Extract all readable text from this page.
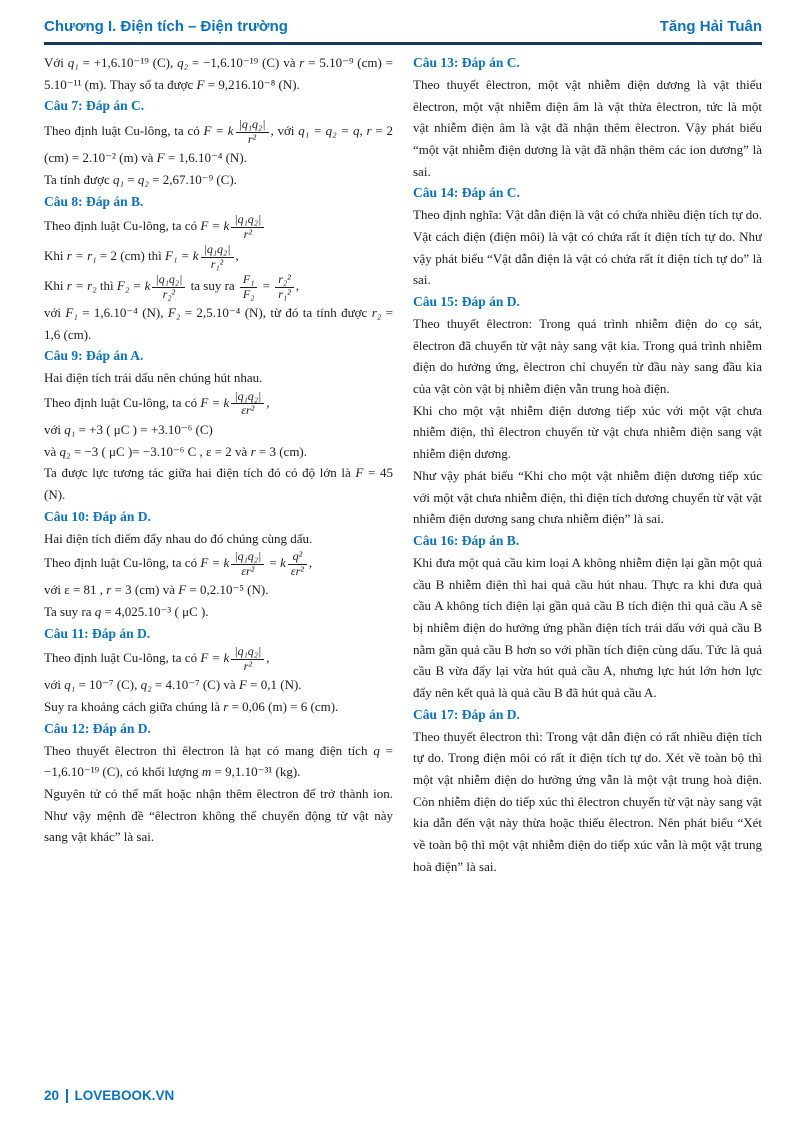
Chương I. Điện tích – Điện trường	Tăng Hải Tuân

Với q₁ = +1,6.10⁻¹⁹ (C), q₂ = −1,6.10⁻¹⁹ (C) và r = 5.10⁻⁹ (cm) = 5.10⁻¹¹ (m). Thay số ta được F = 9,216.10⁻⁸ (N).

Câu 7: Đáp án C.

Theo định luật Cu-lông, ta có F = k $\frac{\text{|q₁q₂|}}{\text{r²}}$ , với q₁ = q₂ = q, r = 2 (cm) = 2.10⁻² (m) và F = 1,6.10⁻⁴ (N).

Ta tính được q₁ = q₂ = 2,67.10⁻⁹ (C).

Câu 8: Đáp án B.

Theo định luật Cu-lông, ta có F = k $\frac{\text{|q₁q₂|}}{\text{r²}}$

Khi r = r₁ = 2 (cm) thì F₁ = k $\frac{\text{|q₁q₂|}}{\text{r₁²}}$ ,

Khi r = r₂ thì F₂ = k $\frac{\text{|q₁q₂|}}{\text{r₂²}}$ ta suy ra $\frac{\text{F₁}}{\text{F₂}} = \frac{\text{r₂²}}{\text{r₁²}}$ ,

với F₁ = 1,6.10⁻⁴ (N), F₂ = 2,5.10⁻⁴ (N), từ đó ta tính được r₂ = 1,6 (cm).

Câu 9: Đáp án A.

Hai điện tích trái dấu nên chúng hút nhau.

Theo định luật Cu-lông, ta có F = k $\frac{\text{|q₁q₂|}}{\text{εr²}}$ ,

với q₁ = +3 ( μC ) = +3.10⁻⁶ (C)

và q₂ = −3 ( μC )= −3.10⁻⁶ C , ε = 2 và r = 3 (cm).

Ta được lực tương tác giữa hai điện tích đó có độ lớn là F = 45 (N).

Câu 10: Đáp án D.

Hai điện tích điểm đẩy nhau do đó chúng cùng dấu.

Theo định luật Cu-lông, ta có F = k $\frac{\text{|q₁q₂|}}{\text{εr²}} = k \frac{\text{q²}}{\text{εr²}}$ ,

với ε = 81 , r = 3 (cm) và F = 0,2.10⁻⁵ (N).

Ta suy ra q = 4,025.10⁻³ ( μC ).

Câu 11: Đáp án D.

Theo định luật Cu-lông, ta có F = k $\frac{\text{|q₁q₂|}}{\text{r²}}$ ,

với q₁ = 10⁻⁷ (C), q₂ = 4.10⁻⁷ (C) và F = 0,1 (N).

Suy ra khoảng cách giữa chúng là r = 0,06 (m) = 6 (cm).

Câu 12: Đáp án D.

Theo thuyết êlectron thì êlectron là hạt có mang điện tích q = −1,6.10⁻¹⁹ (C), có khối lượng m = 9,1.10⁻³¹ (kg).

Nguyên tử có thể mất hoặc nhận thêm êlectron để trở thành ion. Như vậy mệnh đề “êlectron không thể chuyển động từ vật này sang vật khác” là sai.

Câu 13: Đáp án C.

Theo thuyết êlectron, một vật nhiễm điện dương là vật thiếu êlectron, một vật nhiễm điện âm là vật thừa êlectron, tức là một vật nhiễm điện âm là vật đã nhận thêm êlectron. Vậy phát biểu “một vật nhiễm điện dương là vật đã nhận thêm các ion dương” là sai.

Câu 14: Đáp án C.

Theo định nghĩa: Vật dẫn điện là vật có chứa nhiều điện tích tự do. Vật cách điện (điện môi) là vật có chứa rất ít điện tích tự do. Như vậy phát biểu “Vật dẫn điện là vật có chứa rất ít điện tích tự do” là sai.

Câu 15: Đáp án D.

Theo thuyết êlectron: Trong quá trình nhiễm điện do cọ sát, êlectron đã chuyển từ vật này sang vật kia. Trong quá trình nhiễm điện do hưởng ứng, êlectron chỉ chuyển từ đầu này sang đầu kia của vật còn vật bị nhiễm điện vẫn trung hoà điện.

Khi cho một vật nhiễm điện dương tiếp xúc với một vật chưa nhiễm điện, thì êlectron chuyển từ vật chưa nhiễm điện sang vật nhiễm điện dương.

Như vậy phát biểu “Khi cho một vật nhiễm điện dương tiếp xúc với một vật chưa nhiễm điện, thì điện tích dương chuyển từ vật vật nhiễm điện dương sang chưa nhiễm điện” là sai.

Câu 16: Đáp án B.

Khi đưa một quả cầu kim loại A không nhiễm điện lại gần một quả cầu B nhiễm điện thì hai quả cầu hút nhau. Thực ra khi đưa quả cầu A không tích điện lại gần quả cầu B tích điện thì quả cầu A sẽ bị nhiễm điện do hưởng ứng phần điện tích trái dấu với quả cầu B nằm gần quả cầu B hơn so với phần tích điện cùng dấu. Tức là quả cầu B vừa đẩy lại vừa hút quả cầu A, nhưng lực hút lớn hơn lực đẩy nên kết quả là quả cầu B đã hút quả cầu A.

Câu 17: Đáp án D.

Theo thuyết êlectron thì: Trong vật dẫn điện có rất nhiều điện tích tự do. Trong điện môi có rất ít điện tích tự do. Xét về toàn bộ thì một vật nhiễm điện do hưởng ứng vẫn là một vật trung hoà điện. Còn nhiễm điện do tiếp xúc thì êlectron chuyển từ vật này sang vật kia dẫn đến vật này thừa hoặc thiếu êlectron. Nên phát biểu “Xét về toàn bộ thì một vật nhiễm điện do tiếp xúc vẫn là một vật trung hoà điện” là sai.

20 LOVEBOOK.VN
